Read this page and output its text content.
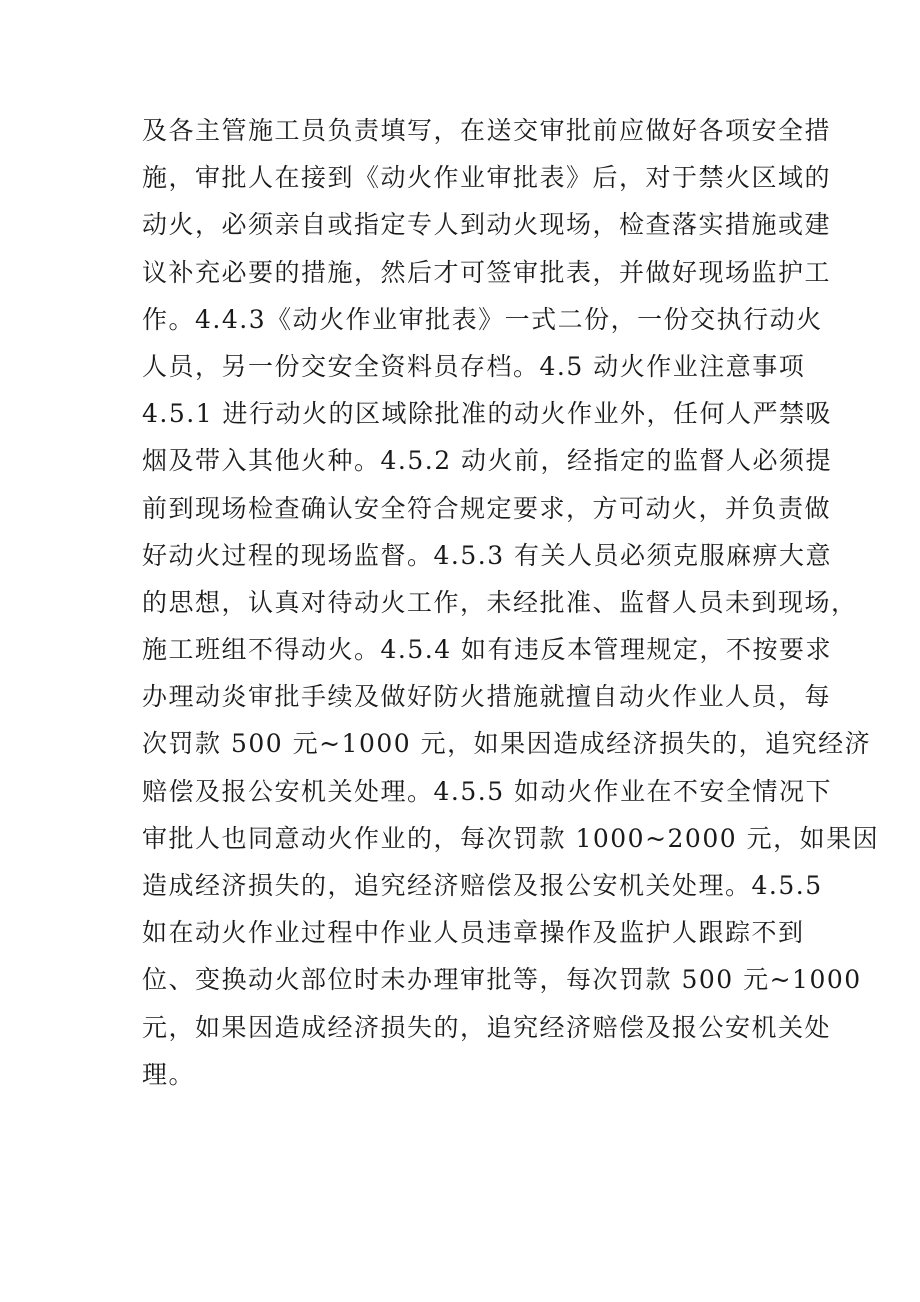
及各主管施工员负责填写，在送交审批前应做好各项安全措
施，审批人在接到《动火作业审批表》后，对于禁火区域的
动火，必须亲自或指定专人到动火现场，检查落实措施或建
议补充必要的措施，然后才可签审批表，并做好现场监护工
作。4.4.3《动火作业审批表》一式二份，一份交执行动火
人员，另一份交安全资料员存档。4.5 动火作业注意事项
4.5.1 进行动火的区域除批准的动火作业外，任何人严禁吸
烟及带入其他火种。4.5.2 动火前，经指定的监督人必须提
前到现场检查确认安全符合规定要求，方可动火，并负责做
好动火过程的现场监督。4.5.3 有关人员必须克服麻痹大意
的思想，认真对待动火工作，未经批准、监督人员未到现场，
施工班组不得动火。4.5.4 如有违反本管理规定，不按要求
办理动炎审批手续及做好防火措施就擅自动火作业人员，每
次罚款 500 元~1000 元，如果因造成经济损失的，追究经济
赔偿及报公安机关处理。4.5.5 如动火作业在不安全情况下
审批人也同意动火作业的，每次罚款 1000~2000 元，如果因
造成经济损失的，追究经济赔偿及报公安机关处理。4.5.5
如在动火作业过程中作业人员违章操作及监护人跟踪不到
位、变换动火部位时未办理审批等，每次罚款 500 元~1000
元，如果因造成经济损失的，追究经济赔偿及报公安机关处
理。
